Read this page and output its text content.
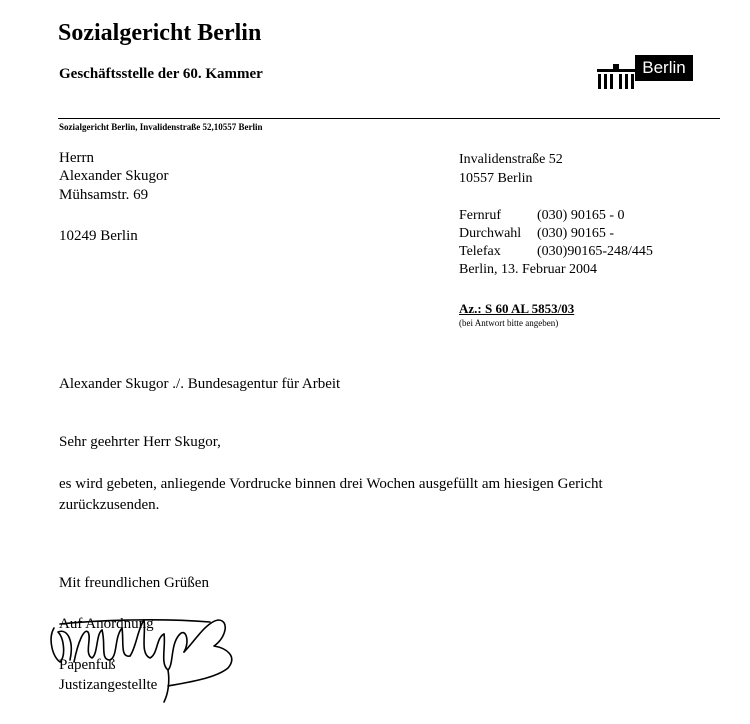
Sozialgericht Berlin
Geschäftsstelle der 60. Kammer	Berlin
Sozialgericht Berlin, Invalidenstraße 52,10557 Berlin
Herrn
Alexander Skugor
Mühsamstr. 69
10249 Berlin
Invalidenstraße 52
10557 Berlin
Fernruf	(030) 90165 - 0
Durchwahl (030) 90165 -
Telefax	(030)90165-248/445
Berlin, 13. Februar 2004
Az.: S 60 AL 5853/03
(bei Antwort bitte angeben)
Alexander Skugor ./. Bundesagentur für Arbeit
Sehr geehrter Herr Skugor,
es wird gebeten, anliegende Vordrucke binnen drei Wochen ausgefüllt am hiesigen Gericht
zurückzusenden.
Mit freundlichen Grüßen
Auf Anordnung
Papenfuß
Justizangestellte
